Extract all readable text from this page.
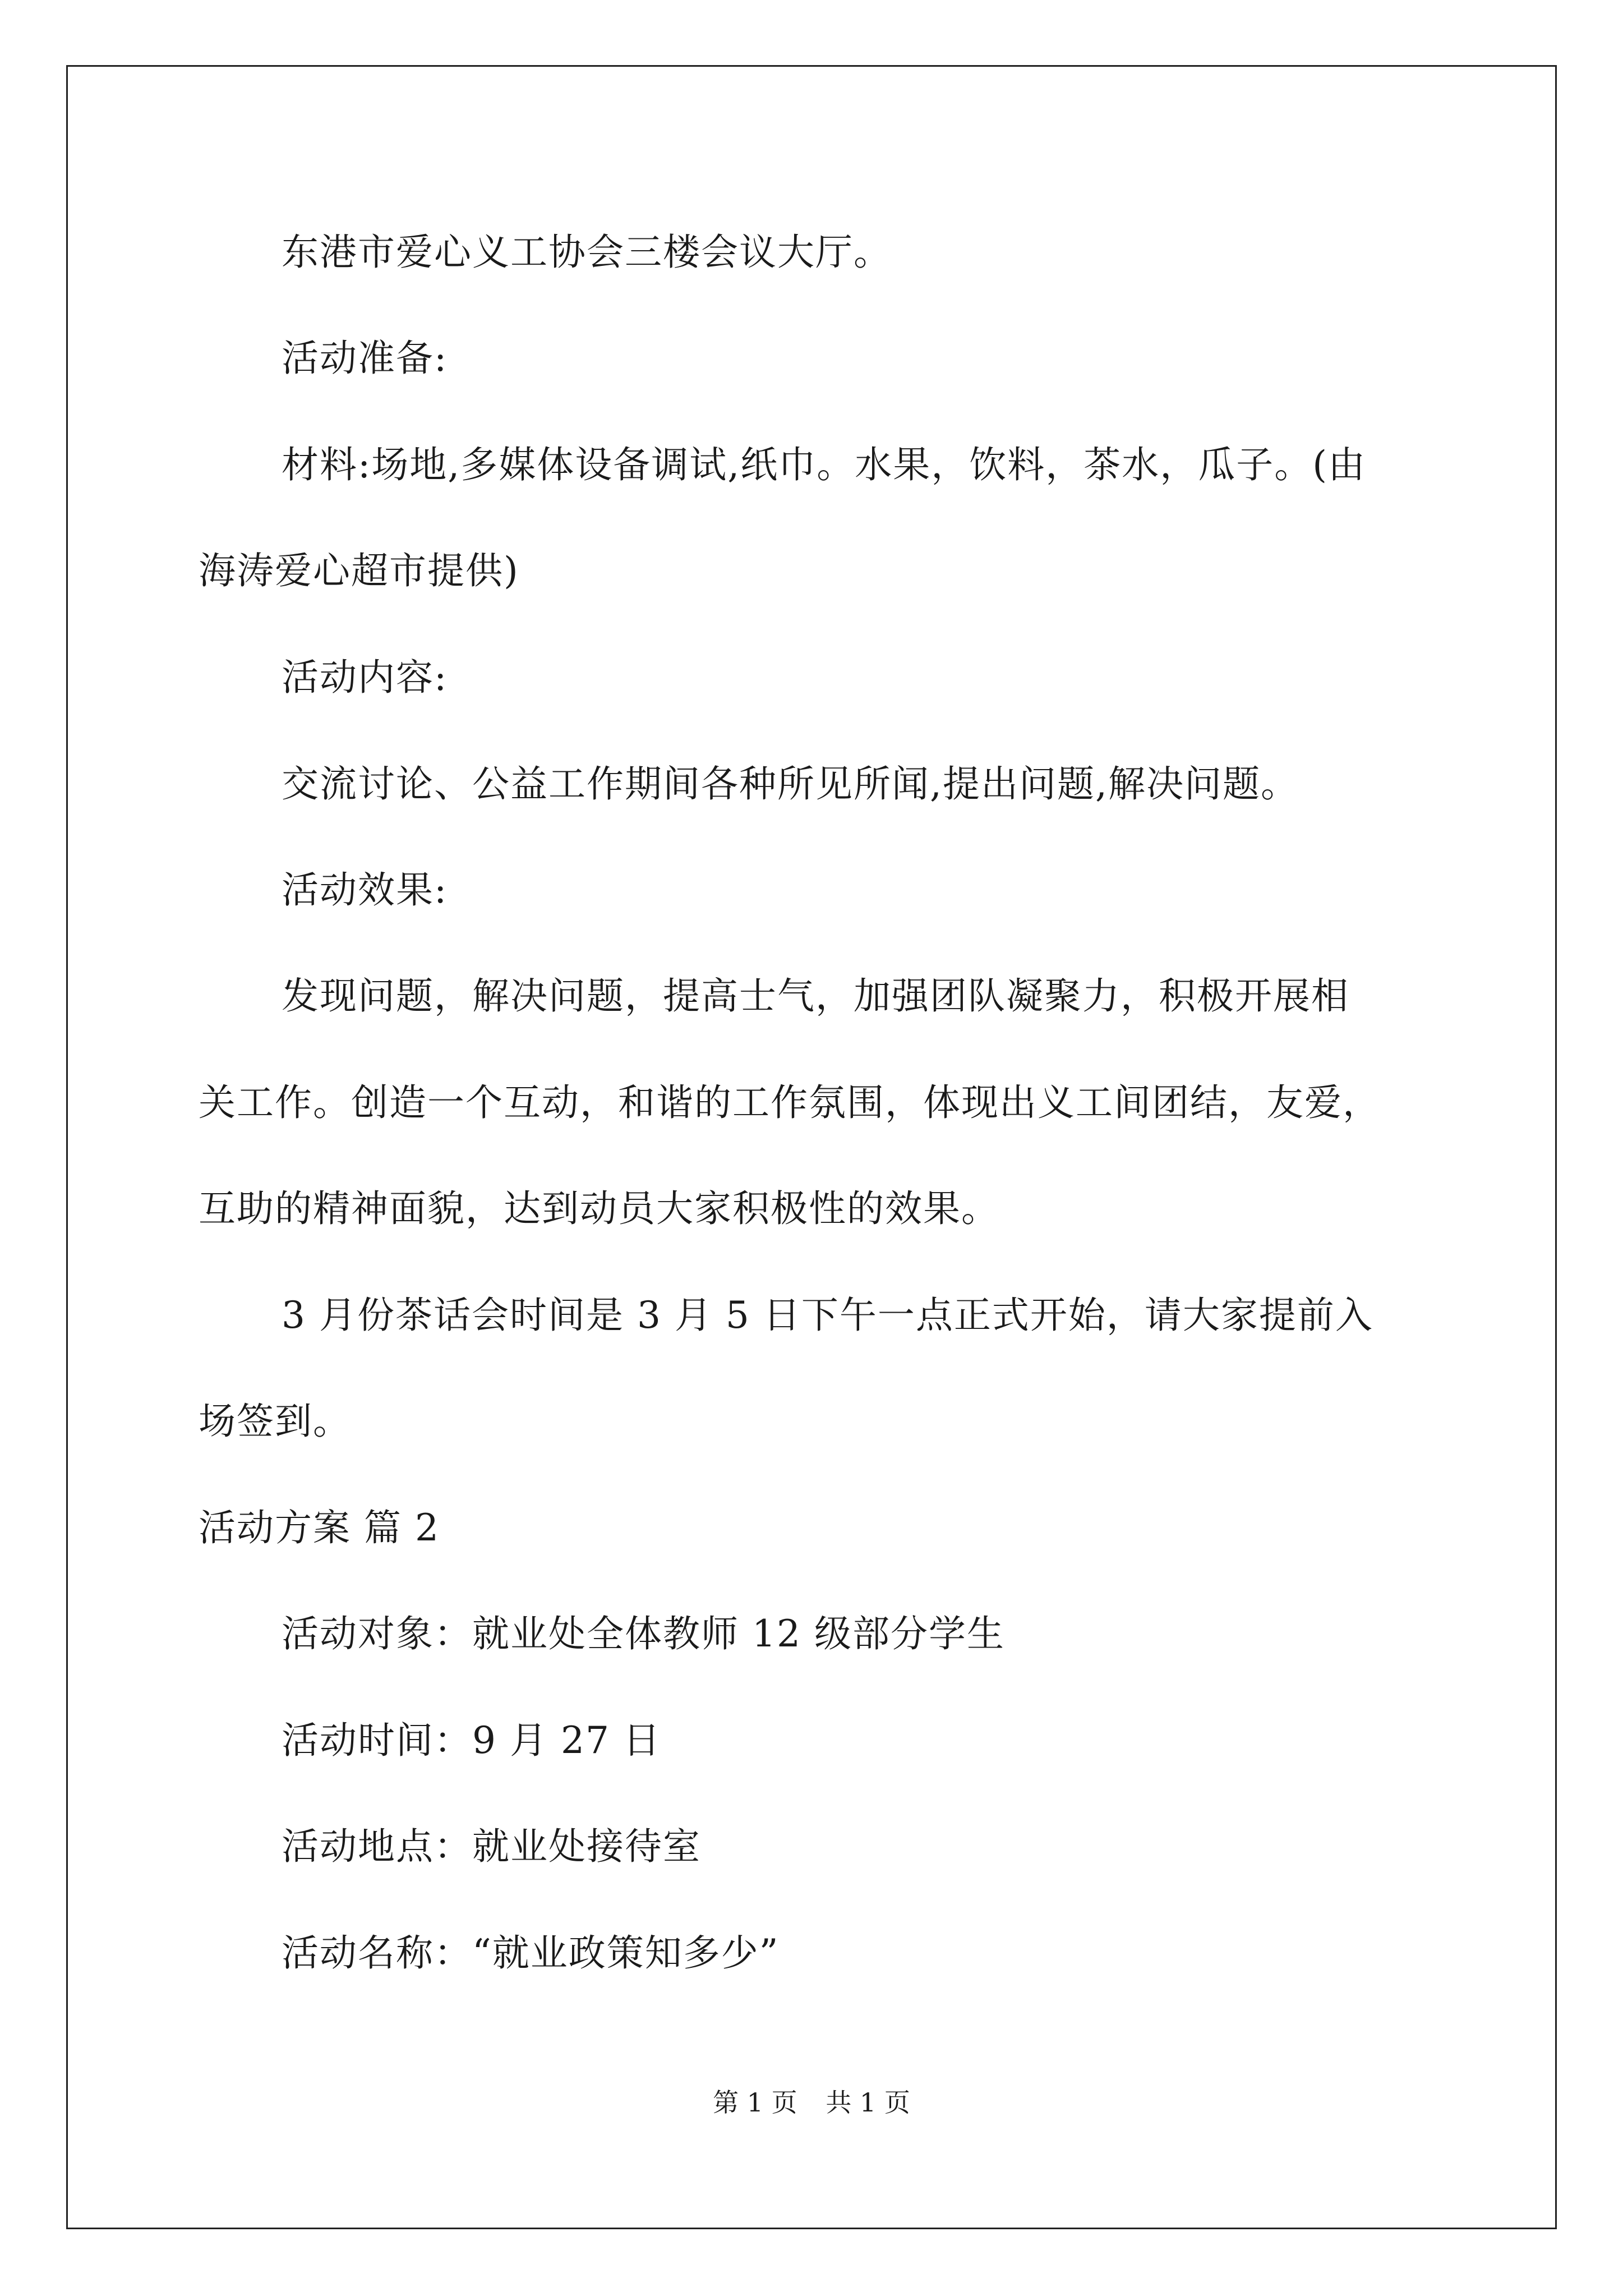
东港市爱心义工协会三楼会议大厅。
活动准备:
材料:场地,多媒体设备调试,纸巾。水果，饮料，茶水，瓜子。(由
海涛爱心超市提供)
活动内容:
交流讨论、公益工作期间各种所见所闻,提出问题,解决问题。
活动效果:
发现问题，解决问题，提高士气，加强团队凝聚力，积极开展相
关工作。创造一个互动，和谐的工作氛围，体现出义工间团结，友爱，
互助的精神面貌，达到动员大家积极性的效果。
3 月份茶话会时间是 3 月 5 日下午一点正式开始，请大家提前入
场签到。
活动方案 篇 2
活动对象：就业处全体教师 12 级部分学生
活动时间：9 月 27 日
活动地点：就业处接待室
活动名称：“就业政策知多少”
第 1 页 共 1 页
